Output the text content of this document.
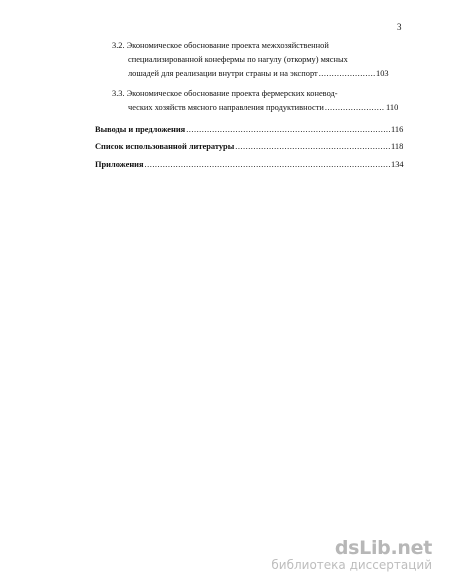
3
3.2. Экономическое обоснование проекта межхозяйственной
специализированной конефермы по нагулу (откорму) мясных
лошадей для реализации внутри страны и на экспорт .....	103
3.3. Экономическое обоснование проекта фермерских коневод-
ческих хозяйств мясного направления продуктивности .....	110
Выводы и предложения .....	116
Список использованной литературы .....	118
Приложения .....	134
dsLib.net
библиотека диссертаций
